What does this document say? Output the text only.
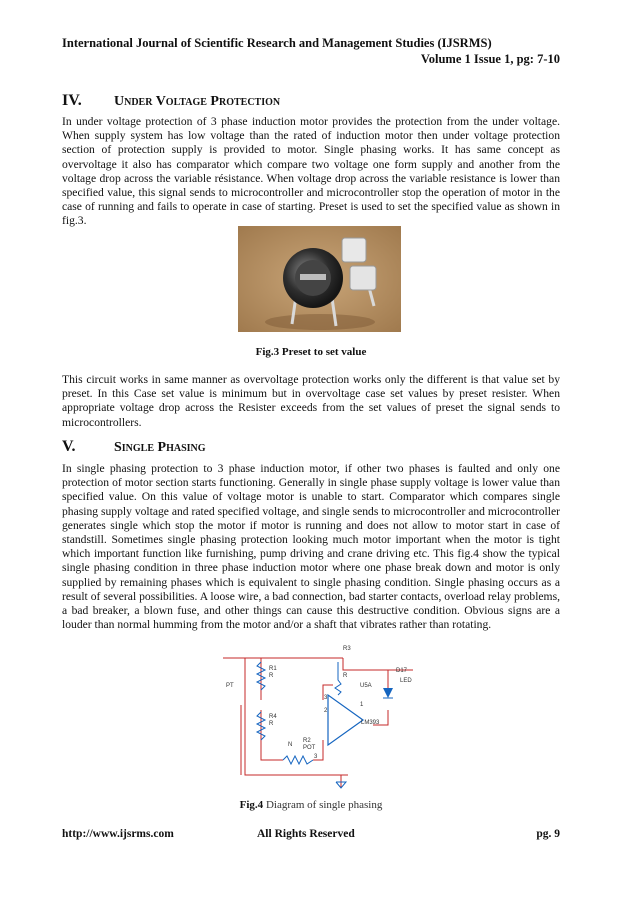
International Journal of Scientific Research and Management Studies (IJSRMS)
Volume 1 Issue 1, pg: 7-10
IV. Under Voltage Protection
In under voltage protection of 3 phase induction motor provides the protection from the under voltage. When supply system has low voltage than the rated of induction motor then under voltage protection section of protection supply is provided to motor. Single phasing works. It has same concept as overvoltage it also has comparator which compare two voltage one form supply and another from the voltage drop across the variable résistance. When voltage drop across the variable resistance is lower than specified value, this signal sends to microcontroller and microcontroller stop the operation of motor in the case of running and fails to operate in case of starting. Preset is used to set the specified value as shown in fig.3.
Fig.3 Preset to set value
This circuit works in same manner as overvoltage protection works only the different is that value set by preset. In this Case set value is minimum but in overvoltage case set values by preset resister. When appropriate voltage drop across the Resister exceeds from the set values of preset the signal sends to microcontrollers.
V.	Single Phasing
In single phasing protection to 3 phase induction motor, if other two phases is faulted and only one protection of motor section starts functioning. Generally in single phase supply voltage is lower value than specified value. On this value of voltage motor is unable to start. Comparator which compares single phasing supply voltage and rated specified voltage, and single sends to microcontroller and microcontroller generates single which stop the motor if motor is running and does not allow to motor start in case of standstill. Sometimes single phasing protection looking much motor important when the motor is tight which important function like furnishing, pump driving and crane driving etc. This fig.4 show the typical single phasing condition in three phase induction motor where one phase break down and motor is only supplied by remaining phases which is equivalent to single phasing condition. Single phasing occurs as a result of several possibilities. A loose wire, a bad connection, bad starter contacts, overload relay problems, a bad breaker, a blown fuse, and other things can cause this destructive condition. Obvious signs are a louder than normal humming from the motor and/or a shaft that vibrates rather than rotating.
R3
R1
R	R
D17
LED
PT	U5A
3
2
1
R4
R	LM393
R2
POT
3
N
Fig.4 Diagram of single phasing
http://www.ijsrms.com	All Rights Reserved	pg. 9
